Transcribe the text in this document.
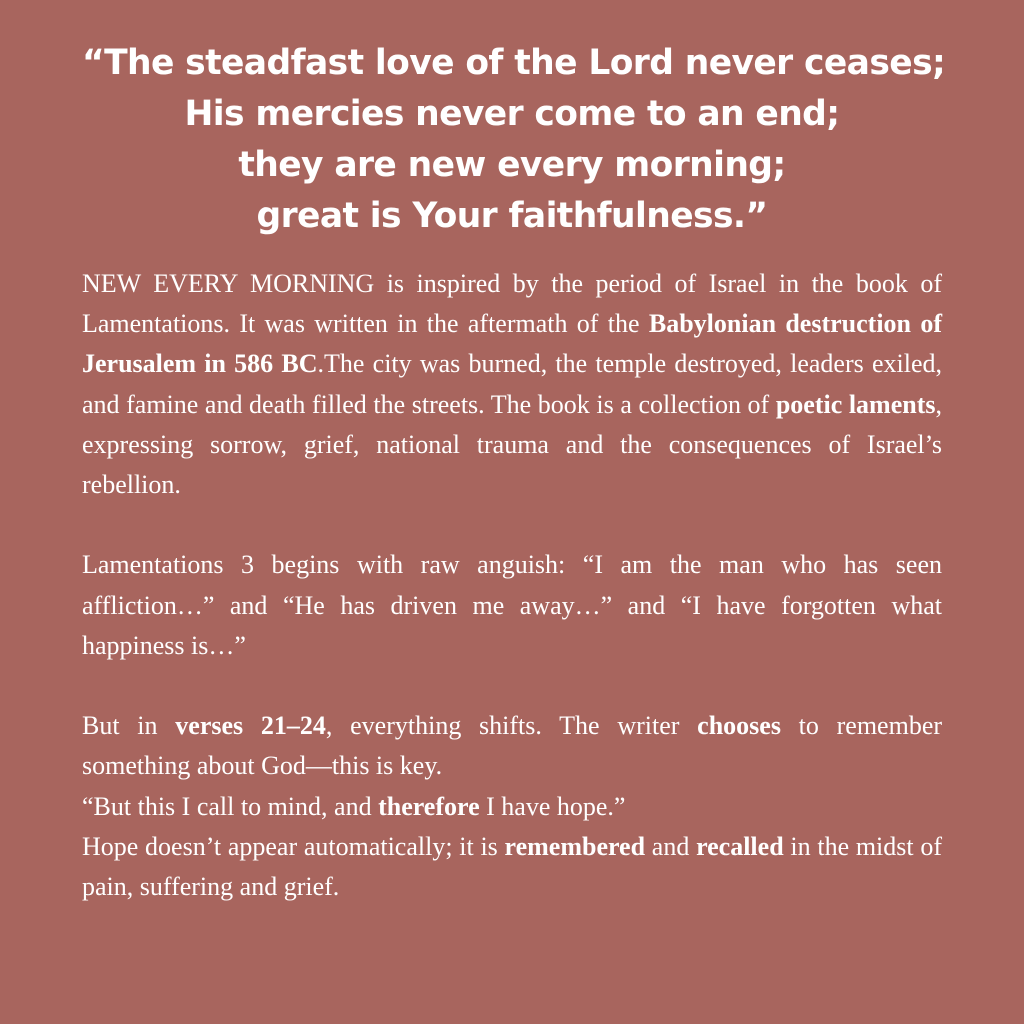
“The steadfast love of the Lord never ceases;
His mercies never come to an end;
they are new every morning;
great is Your faithfulness.”

NEW EVERY MORNING is inspired by the period of Israel in the book of Lamentations. It was written in the aftermath of the Babylonian destruction of Jerusalem in 586 BC.The city was burned, the temple destroyed, leaders exiled, and famine and death filled the streets. The book is a collection of poetic laments, expressing sorrow, grief, national trauma and the consequences of Israel’s rebellion.

Lamentations 3 begins with raw anguish: “I am the man who has seen affliction…” and “He has driven me away…” and “I have forgotten what happiness is…”

But in verses 21–24, everything shifts. The writer chooses to remember something about God—this is key.

“But this I call to mind, and therefore I have hope.”

Hope doesn’t appear automatically; it is remembered and recalled in the midst of pain, suffering and grief.
